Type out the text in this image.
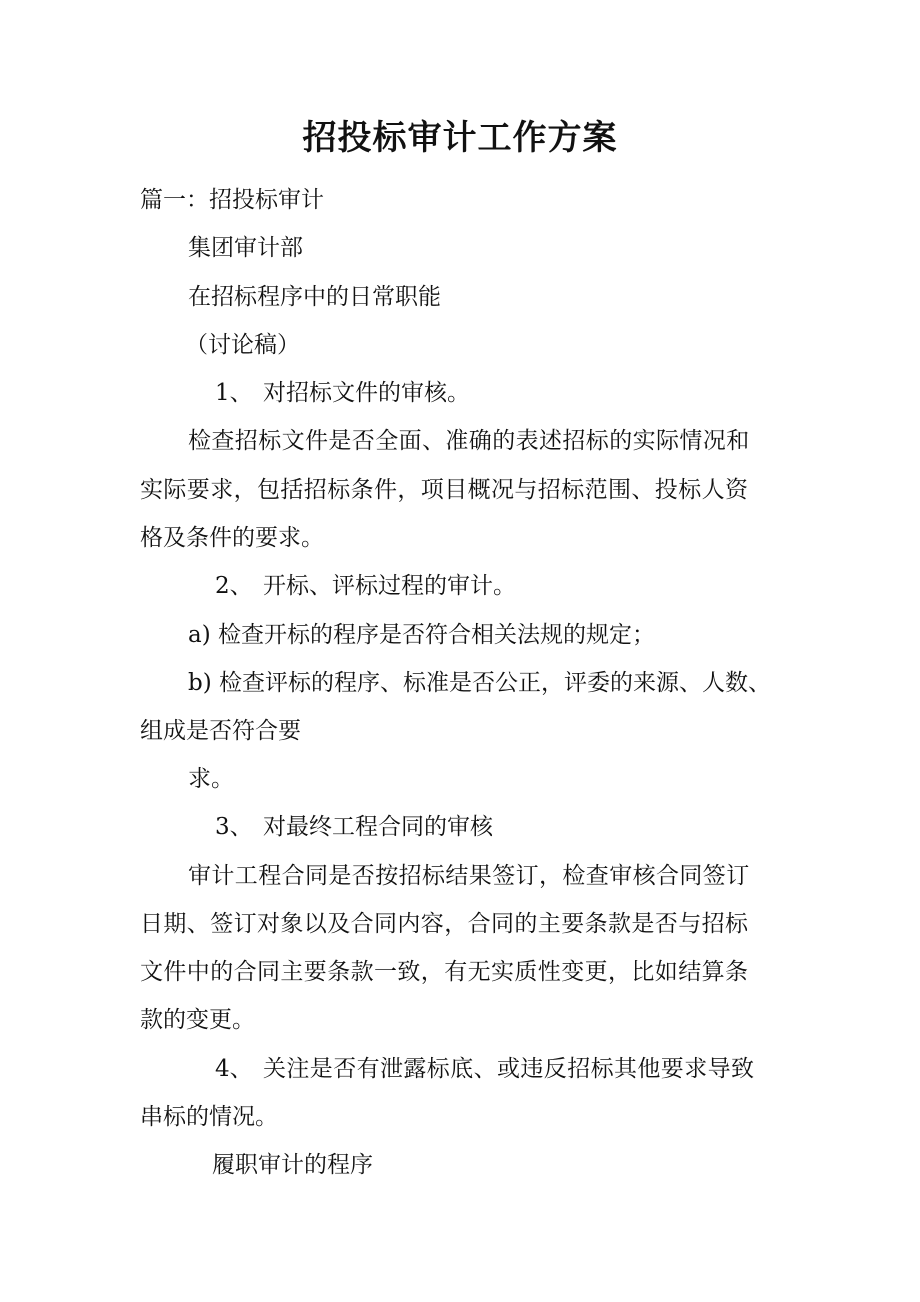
招投标审计工作方案
篇一：招投标审计
集团审计部
在招标程序中的日常职能
（讨论稿）
1、 对招标文件的审核。
检查招标文件是否全面、准确的表述招标的实际情况和
实际要求，包括招标条件，项目概况与招标范围、投标人资
格及条件的要求。
2、 开标、评标过程的审计。
a) 检查开标的程序是否符合相关法规的规定；
b) 检查评标的程序、标准是否公正，评委的来源、人数、
组成是否符合要
求。
3、 对最终工程合同的审核
审计工程合同是否按招标结果签订，检查审核合同签订
日期、签订对象以及合同内容，合同的主要条款是否与招标
文件中的合同主要条款一致，有无实质性变更，比如结算条
款的变更。
4、 关注是否有泄露标底、或违反招标其他要求导致
串标的情况。
履职审计的程序
